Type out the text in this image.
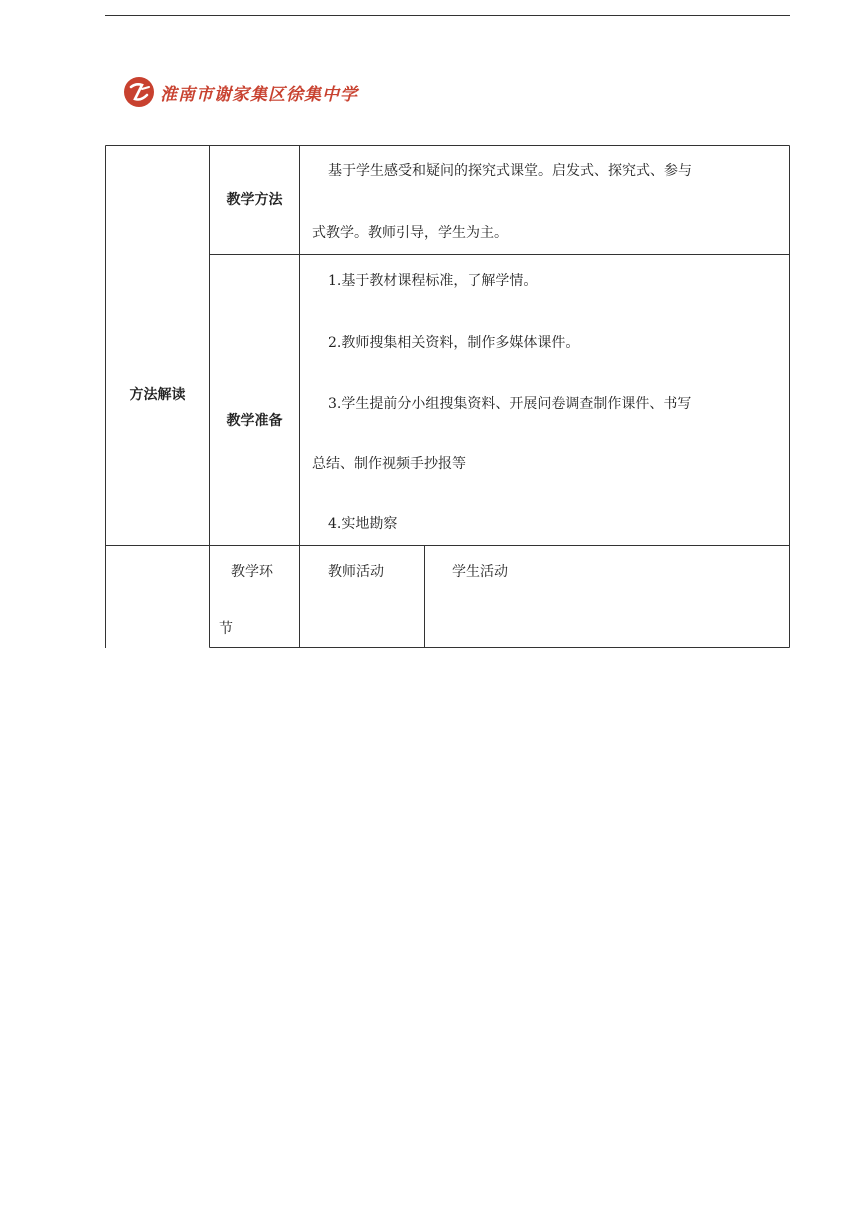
淮南市谢家集区徐集中学
方法解读
教学方法
基于学生感受和疑问的探究式课堂。启发式、探究式、参与
式教学。教师引导，学生为主。
教学准备
1.基于教材课程标准，了解学情。
2.教师搜集相关资料，制作多媒体课件。
3.学生提前分小组搜集资料、开展问卷调查制作课件、书写
总结、制作视频手抄报等
4.实地勘察
教学环
节
教师活动	学生活动
